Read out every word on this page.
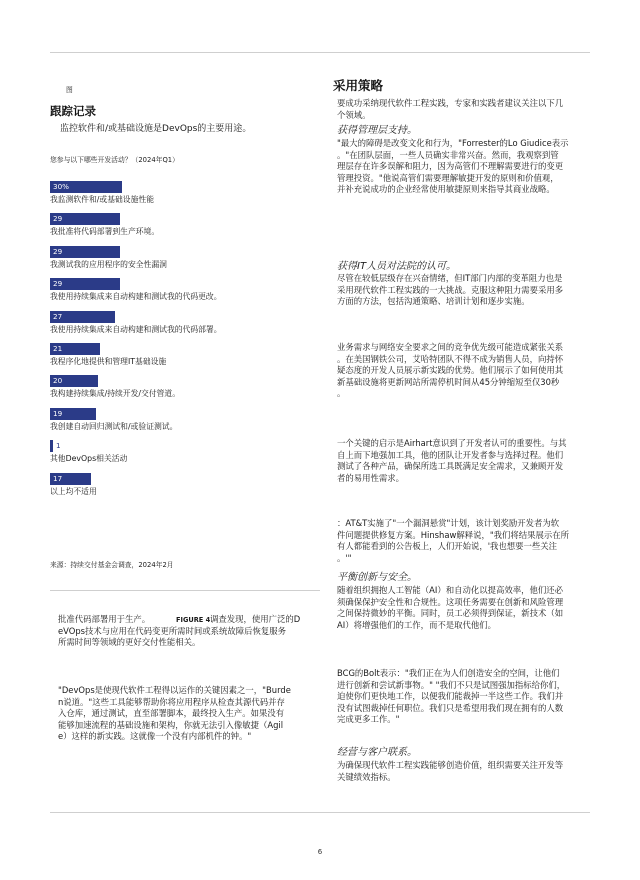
图
跟踪记录
监控软件和/或基础设施是DevOps的主要用途。
您参与以下哪些开发活动？（2024年Q1）
30%
我监测软件和/或基础设施性能
29
我批准将代码部署到生产环境。
29
我测试我的应用程序的安全性漏洞
29
我使用持续集成来自动构建和测试我的代码更改。
27
我使用持续集成来自动构建和测试我的代码部署。
21
我程序化地提供和管理IT基础设施
20
我构建持续集成/持续开发/交付管道。
19
我创建自动回归测试和/或验证测试。
1
其他DevOps相关活动
17
以上均不适用
来源：持续交付基金会调查，2024年2月
批准代码部署用于生产。	FIGURE 4 调查发现，使用广泛的D
eVOps技术与应用在代码变更所需时间或系统故障后恢复服务
所需时间等领域的更好交付性能相关。
"DevOps是使现代软件工程得以运作的关键因素之一，"Burde
n说道。"这些工具能够帮助你将应用程序从检查其源代码并存
入仓库，通过测试，直至部署脚本，最终投入生产。如果没有
能够加速流程的基础设施和架构，你就无法引入像敏捷（Agil
e）这样的新实践。这就像一个没有内部机件的钟。"
采用策略
要成功采纳现代软件工程实践，专家和实践者建议关注以下几
个领域。
获得管理层支持。
"最大的障碍是改变文化和行为，"Forrester的Lo Giudice表示
。"在团队层面，一些人员确实非常兴奋。然而，我观察到管
理层存在许多误解和阻力，因为高管们不理解需要进行的变更
管理投资。"他说高管们需要理解敏捷开发的原则和价值观，
并补充说成功的企业经常使用敏捷原则来指导其商业战略。
获得IT人员对法院的认可。
尽管在较低层级存在兴奋情绪，但IT部门内部的变革阻力也是
采用现代软件工程实践的一大挑战。克服这种阻力需要采用多
方面的方法，包括沟通策略、培训计划和逐步实施。
业务需求与网络安全要求之间的竞争优先级可能造成紧张关系
。在美国钢铁公司，艾哈特团队不得不成为销售人员，向持怀
疑态度的开发人员展示新实践的优势。他们展示了如何使用其
新基础设施将更新网站所需停机时间从45分钟缩短至仅30秒
。
一个关键的启示是Airhart意识到了开发者认可的重要性。与其
自上而下地强加工具，他的团队让开发者参与选择过程。他们
测试了各种产品，确保所选工具既满足安全需求，又兼顾开发
者的易用性需求。
：AT&T实施了"一个漏洞悬赏"计划，该计划奖励开发者为软
件问题提供修复方案。Hinshaw解释说，"我们将结果展示在所
有人都能看到的公告板上，人们开始说，'我也想要一些关注
。'"
平衡创新与安全。
随着组织拥抱人工智能（AI）和自动化以提高效率，他们还必
须确保保护安全性和合规性。这项任务需要在创新和风险管理
之间保持微妙的平衡。同时，员工必须得到保证，新技术（如
AI）将增强他们的工作，而不是取代他们。
BCG的Bolt表示："我们正在为人们创造安全的空间，让他们
进行创新和尝试新事物。" "我们不只是试图强加指标给你们，
迫使你们更快地工作，以便我们能裁掉一半这些工作。我们并
没有试图裁掉任何职位。我们只是希望用我们现在拥有的人数
完成更多工作。"
经营与客户联系。
为确保现代软件工程实践能够创造价值，组织需要关注开发等
关键绩效指标。
6
